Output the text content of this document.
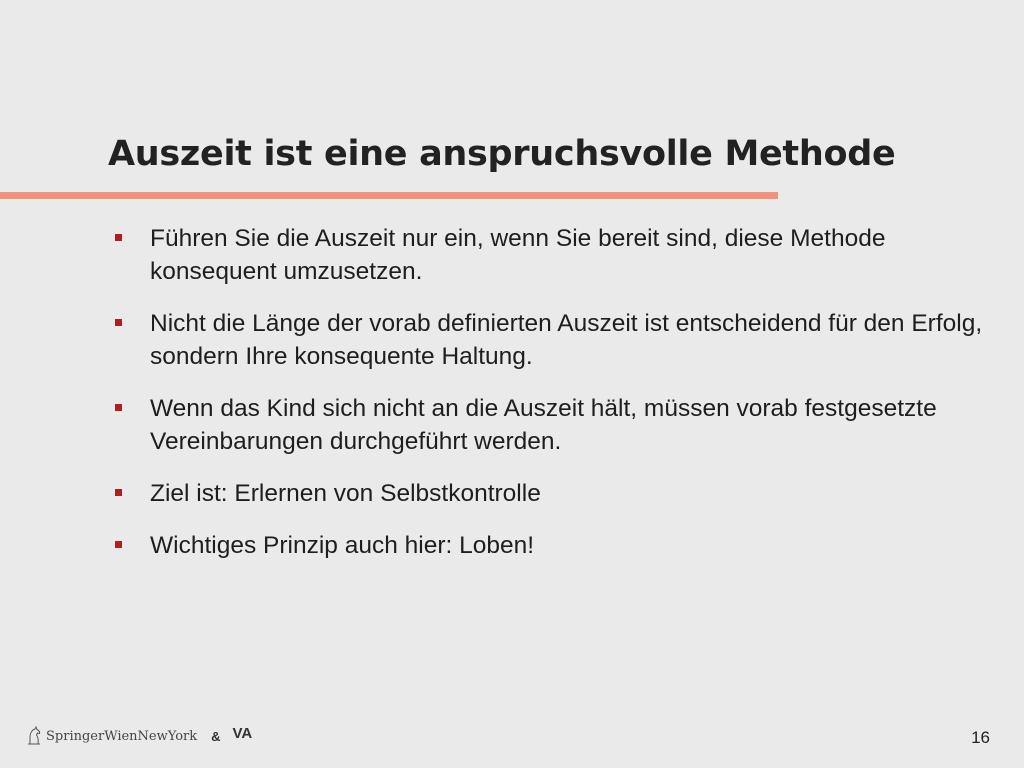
Auszeit ist eine anspruchsvolle Methode
Führen Sie die Auszeit nur ein, wenn Sie bereit sind, diese Methode konsequent umzusetzen.
Nicht die Länge der vorab definierten Auszeit ist entscheidend für den Erfolg, sondern Ihre konsequente Haltung.
Wenn das Kind sich nicht an die Auszeit hält, müssen vorab festgesetzte Vereinbarungen durchgeführt werden.
Ziel ist: Erlernen von Selbstkontrolle
Wichtiges Prinzip auch hier: Loben!
SpringerWienNewYork & VA	16
